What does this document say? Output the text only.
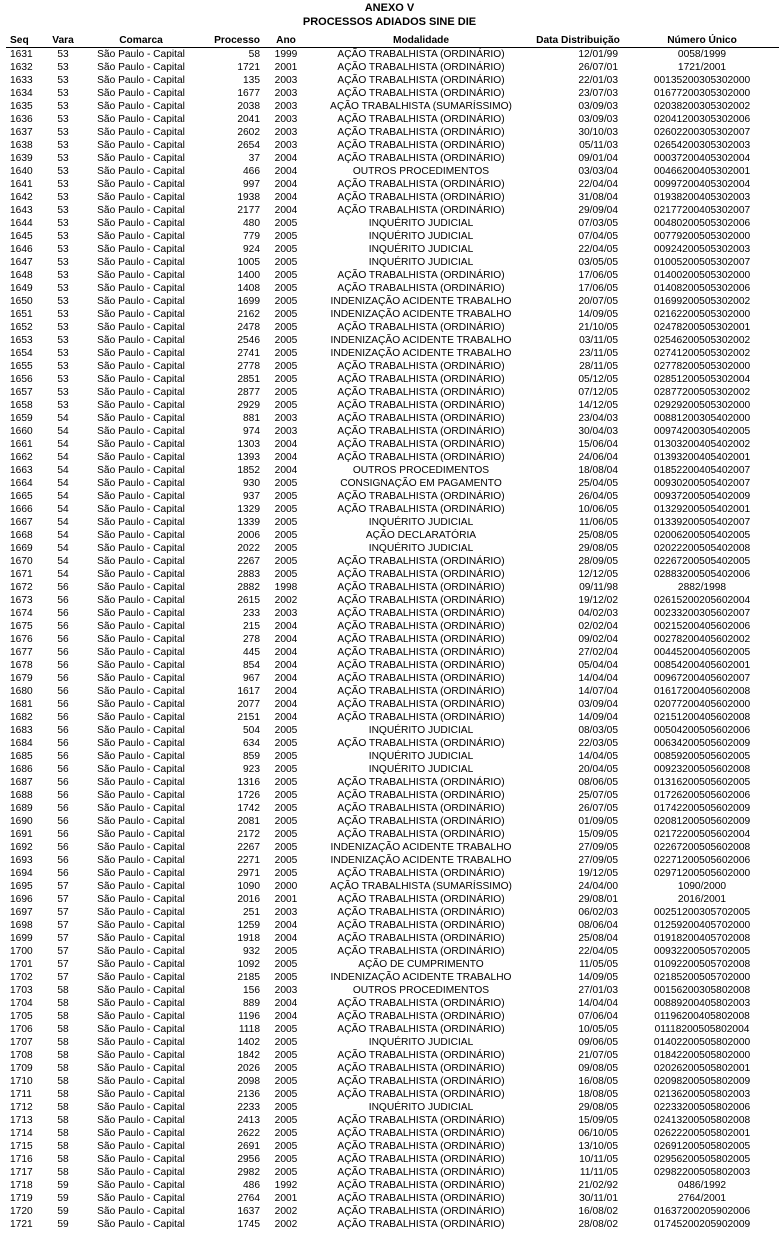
ANEXO V
PROCESSOS ADIADOS SINE DIE
Seq	Vara	Comarca	Processo	Ano	Modalidade	Data Distribuição	Número Único
1631	53	São Paulo - Capital	58	1999	AÇÃO TRABALHISTA (ORDINÁRIO)	12/01/99	0058/1999
1632	53	São Paulo - Capital	1721	2001	AÇÃO TRABALHISTA (ORDINÁRIO)	26/07/01	1721/2001
1633	53	São Paulo - Capital	135	2003	AÇÃO TRABALHISTA (ORDINÁRIO)	22/01/03	00135200305302000
1634	53	São Paulo - Capital	1677	2003	AÇÃO TRABALHISTA (ORDINÁRIO)	23/07/03	01677200305302000
1635	53	São Paulo - Capital	2038	2003	AÇÃO TRABALHISTA (SUMARÍSSIMO)	03/09/03	02038200305302002
1636	53	São Paulo - Capital	2041	2003	AÇÃO TRABALHISTA (ORDINÁRIO)	03/09/03	02041200305302006
1637	53	São Paulo - Capital	2602	2003	AÇÃO TRABALHISTA (ORDINÁRIO)	30/10/03	02602200305302007
1638	53	São Paulo - Capital	2654	2003	AÇÃO TRABALHISTA (ORDINÁRIO)	05/11/03	02654200305302003
1639	53	São Paulo - Capital	37	2004	AÇÃO TRABALHISTA (ORDINÁRIO)	09/01/04	00037200405302004
1640	53	São Paulo - Capital	466	2004	OUTROS PROCEDIMENTOS	03/03/04	00466200405302001
1641	53	São Paulo - Capital	997	2004	AÇÃO TRABALHISTA (ORDINÁRIO)	22/04/04	00997200405302004
1642	53	São Paulo - Capital	1938	2004	AÇÃO TRABALHISTA (ORDINÁRIO)	31/08/04	01938200405302003
1643	53	São Paulo - Capital	2177	2004	AÇÃO TRABALHISTA (ORDINÁRIO)	29/09/04	02177200405302007
1644	53	São Paulo - Capital	480	2005	INQUÉRITO JUDICIAL	07/03/05	00480200505302006
1645	53	São Paulo - Capital	779	2005	INQUÉRITO JUDICIAL	07/04/05	00779200505302000
1646	53	São Paulo - Capital	924	2005	INQUÉRITO JUDICIAL	22/04/05	00924200505302003
1647	53	São Paulo - Capital	1005	2005	INQUÉRITO JUDICIAL	03/05/05	01005200505302007
1648	53	São Paulo - Capital	1400	2005	AÇÃO TRABALHISTA (ORDINÁRIO)	17/06/05	01400200505302000
1649	53	São Paulo - Capital	1408	2005	AÇÃO TRABALHISTA (ORDINÁRIO)	17/06/05	01408200505302006
1650	53	São Paulo - Capital	1699	2005	INDENIZAÇÃO ACIDENTE TRABALHO	20/07/05	01699200505302002
1651	53	São Paulo - Capital	2162	2005	INDENIZAÇÃO ACIDENTE TRABALHO	14/09/05	02162200505302000
1652	53	São Paulo - Capital	2478	2005	AÇÃO TRABALHISTA (ORDINÁRIO)	21/10/05	02478200505302001
1653	53	São Paulo - Capital	2546	2005	INDENIZAÇÃO ACIDENTE TRABALHO	03/11/05	02546200505302002
1654	53	São Paulo - Capital	2741	2005	INDENIZAÇÃO ACIDENTE TRABALHO	23/11/05	02741200505302002
1655	53	São Paulo - Capital	2778	2005	AÇÃO TRABALHISTA (ORDINÁRIO)	28/11/05	02778200505302000
1656	53	São Paulo - Capital	2851	2005	AÇÃO TRABALHISTA (ORDINÁRIO)	05/12/05	02851200505302004
1657	53	São Paulo - Capital	2877	2005	AÇÃO TRABALHISTA (ORDINÁRIO)	07/12/05	02877200505302002
1658	53	São Paulo - Capital	2929	2005	AÇÃO TRABALHISTA (ORDINÁRIO)	14/12/05	02929200505302000
1659	54	São Paulo - Capital	881	2003	AÇÃO TRABALHISTA (ORDINÁRIO)	23/04/03	00881200305402000
1660	54	São Paulo - Capital	974	2003	AÇÃO TRABALHISTA (ORDINÁRIO)	30/04/03	00974200305402005
1661	54	São Paulo - Capital	1303	2004	AÇÃO TRABALHISTA (ORDINÁRIO)	15/06/04	01303200405402002
1662	54	São Paulo - Capital	1393	2004	AÇÃO TRABALHISTA (ORDINÁRIO)	24/06/04	01393200405402001
1663	54	São Paulo - Capital	1852	2004	OUTROS PROCEDIMENTOS	18/08/04	01852200405402007
1664	54	São Paulo - Capital	930	2005	CONSIGNAÇÃO EM PAGAMENTO	25/04/05	00930200505402007
1665	54	São Paulo - Capital	937	2005	AÇÃO TRABALHISTA (ORDINÁRIO)	26/04/05	00937200505402009
1666	54	São Paulo - Capital	1329	2005	AÇÃO TRABALHISTA (ORDINÁRIO)	10/06/05	01329200505402001
1667	54	São Paulo - Capital	1339	2005	INQUÉRITO JUDICIAL	11/06/05	01339200505402007
1668	54	São Paulo - Capital	2006	2005	AÇÃO DECLARATÓRIA	25/08/05	02006200505402005
1669	54	São Paulo - Capital	2022	2005	INQUÉRITO JUDICIAL	29/08/05	02022200505402008
1670	54	São Paulo - Capital	2267	2005	AÇÃO TRABALHISTA (ORDINÁRIO)	28/09/05	02267200505402005
1671	54	São Paulo - Capital	2883	2005	AÇÃO TRABALHISTA (ORDINÁRIO)	12/12/05	02883200505402006
1672	56	São Paulo - Capital	2882	1998	AÇÃO TRABALHISTA (ORDINÁRIO)	09/11/98	2882/1998
1673	56	São Paulo - Capital	2615	2002	AÇÃO TRABALHISTA (ORDINÁRIO)	19/12/02	02615200205602004
1674	56	São Paulo - Capital	233	2003	AÇÃO TRABALHISTA (ORDINÁRIO)	04/02/03	00233200305602007
1675	56	São Paulo - Capital	215	2004	AÇÃO TRABALHISTA (ORDINÁRIO)	02/02/04	00215200405602006
1676	56	São Paulo - Capital	278	2004	AÇÃO TRABALHISTA (ORDINÁRIO)	09/02/04	00278200405602002
1677	56	São Paulo - Capital	445	2004	AÇÃO TRABALHISTA (ORDINÁRIO)	27/02/04	00445200405602005
1678	56	São Paulo - Capital	854	2004	AÇÃO TRABALHISTA (ORDINÁRIO)	05/04/04	00854200405602001
1679	56	São Paulo - Capital	967	2004	AÇÃO TRABALHISTA (ORDINÁRIO)	14/04/04	00967200405602007
1680	56	São Paulo - Capital	1617	2004	AÇÃO TRABALHISTA (ORDINÁRIO)	14/07/04	01617200405602008
1681	56	São Paulo - Capital	2077	2004	AÇÃO TRABALHISTA (ORDINÁRIO)	03/09/04	02077200405602000
1682	56	São Paulo - Capital	2151	2004	AÇÃO TRABALHISTA (ORDINÁRIO)	14/09/04	02151200405602008
1683	56	São Paulo - Capital	504	2005	INQUÉRITO JUDICIAL	08/03/05	00504200505602006
1684	56	São Paulo - Capital	634	2005	AÇÃO TRABALHISTA (ORDINÁRIO)	22/03/05	00634200505602009
1685	56	São Paulo - Capital	859	2005	INQUÉRITO JUDICIAL	14/04/05	00859200505602005
1686	56	São Paulo - Capital	923	2005	INQUÉRITO JUDICIAL	20/04/05	00923200505602008
1687	56	São Paulo - Capital	1316	2005	AÇÃO TRABALHISTA (ORDINÁRIO)	08/06/05	01316200505602005
1688	56	São Paulo - Capital	1726	2005	AÇÃO TRABALHISTA (ORDINÁRIO)	25/07/05	01726200505602006
1689	56	São Paulo - Capital	1742	2005	AÇÃO TRABALHISTA (ORDINÁRIO)	26/07/05	01742200505602009
1690	56	São Paulo - Capital	2081	2005	AÇÃO TRABALHISTA (ORDINÁRIO)	01/09/05	02081200505602009
1691	56	São Paulo - Capital	2172	2005	AÇÃO TRABALHISTA (ORDINÁRIO)	15/09/05	02172200505602004
1692	56	São Paulo - Capital	2267	2005	INDENIZAÇÃO ACIDENTE TRABALHO	27/09/05	02267200505602008
1693	56	São Paulo - Capital	2271	2005	INDENIZAÇÃO ACIDENTE TRABALHO	27/09/05	02271200505602006
1694	56	São Paulo - Capital	2971	2005	AÇÃO TRABALHISTA (ORDINÁRIO)	19/12/05	02971200505602000
1695	57	São Paulo - Capital	1090	2000	AÇÃO TRABALHISTA (SUMARÍSSIMO)	24/04/00	1090/2000
1696	57	São Paulo - Capital	2016	2001	AÇÃO TRABALHISTA (ORDINÁRIO)	29/08/01	2016/2001
1697	57	São Paulo - Capital	251	2003	AÇÃO TRABALHISTA (ORDINÁRIO)	06/02/03	00251200305702005
1698	57	São Paulo - Capital	1259	2004	AÇÃO TRABALHISTA (ORDINÁRIO)	08/06/04	01259200405702000
1699	57	São Paulo - Capital	1918	2004	AÇÃO TRABALHISTA (ORDINÁRIO)	25/08/04	01918200405702008
1700	57	São Paulo - Capital	932	2005	AÇÃO TRABALHISTA (ORDINÁRIO)	22/04/05	00932200505702005
1701	57	São Paulo - Capital	1092	2005	AÇÃO DE CUMPRIMENTO	11/05/05	01092200505702008
1702	57	São Paulo - Capital	2185	2005	INDENIZAÇÃO ACIDENTE TRABALHO	14/09/05	02185200505702000
1703	58	São Paulo - Capital	156	2003	OUTROS PROCEDIMENTOS	27/01/03	00156200305802008
1704	58	São Paulo - Capital	889	2004	AÇÃO TRABALHISTA (ORDINÁRIO)	14/04/04	00889200405802003
1705	58	São Paulo - Capital	1196	2004	AÇÃO TRABALHISTA (ORDINÁRIO)	07/06/04	01196200405802008
1706	58	São Paulo - Capital	1118	2005	AÇÃO TRABALHISTA (ORDINÁRIO)	10/05/05	01118200505802004
1707	58	São Paulo - Capital	1402	2005	INQUÉRITO JUDICIAL	09/06/05	01402200505802000
1708	58	São Paulo - Capital	1842	2005	AÇÃO TRABALHISTA (ORDINÁRIO)	21/07/05	01842200505802000
1709	58	São Paulo - Capital	2026	2005	AÇÃO TRABALHISTA (ORDINÁRIO)	09/08/05	02026200505802001
1710	58	São Paulo - Capital	2098	2005	AÇÃO TRABALHISTA (ORDINÁRIO)	16/08/05	02098200505802009
1711	58	São Paulo - Capital	2136	2005	AÇÃO TRABALHISTA (ORDINÁRIO)	18/08/05	02136200505802003
1712	58	São Paulo - Capital	2233	2005	INQUÉRITO JUDICIAL	29/08/05	02233200505802006
1713	58	São Paulo - Capital	2413	2005	AÇÃO TRABALHISTA (ORDINÁRIO)	15/09/05	02413200505802008
1714	58	São Paulo - Capital	2622	2005	AÇÃO TRABALHISTA (ORDINÁRIO)	06/10/05	02622200505802001
1715	58	São Paulo - Capital	2691	2005	AÇÃO TRABALHISTA (ORDINÁRIO)	13/10/05	02691200505802005
1716	58	São Paulo - Capital	2956	2005	AÇÃO TRABALHISTA (ORDINÁRIO)	10/11/05	02956200505802005
1717	58	São Paulo - Capital	2982	2005	AÇÃO TRABALHISTA (ORDINÁRIO)	11/11/05	02982200505802003
1718	59	São Paulo - Capital	486	1992	AÇÃO TRABALHISTA (ORDINÁRIO)	21/02/92	0486/1992
1719	59	São Paulo - Capital	2764	2001	AÇÃO TRABALHISTA (ORDINÁRIO)	30/11/01	2764/2001
1720	59	São Paulo - Capital	1637	2002	AÇÃO TRABALHISTA (ORDINÁRIO)	16/08/02	01637200205902006
1721	59	São Paulo - Capital	1745	2002	AÇÃO TRABALHISTA (ORDINÁRIO)	28/08/02	01745200205902009
